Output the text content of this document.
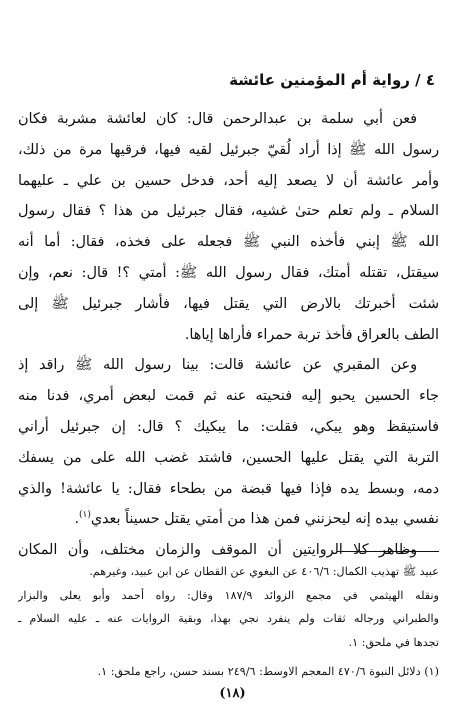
٤ / رواية أم المؤمنين عائشة
فعن أبي سلمة بن عبدالرحمن قال: كان لعائشة مشربة فكان
رسول الله ﷺ إذا أراد لُقيّ جبرئيل لقيه فيها، فرقيها مرة من ذلك،
وأمر عائشة أن لا يصعد إليه أحد، فدخل حسين بن علي ـ عليهما
السلام ـ ولم تعلم حتىٰ غشيه، فقال جبرئيل من هذا ؟ فقال رسول
الله ﷺ إبني فأخذه النبي ﷺ فجعله على فخذه، فقال: أما أنه
سيقتل، تقتله أمتك، فقال رسول الله ﷺ: أمتي ؟! قال: نعم، وإن
شئت أخبرتك بالارض التي يقتل فيها، فأشار جبرئيل ﷺ إلى
الطف بالعراق فأخذ تربة حمراء فأراها إياها.
وعن المقبري عن عائشة قالت: بينا رسول الله ﷺ راقد إذ
جاء الحسين يحبو إليه فنحيته عنه ثم قمت لبعض أمري، فدنا منه
فاستيقظ وهو يبكي، فقلت: ما يبكيك ؟ قال: إن جبرئيل أراني
التربة التي يقتل عليها الحسين، فاشتد غضب الله على من يسفك
دمه، وبسط يده فإذا فيها قبضة من بطحاء فقال: يا عائشة! والذي
نفسي بيده إنه ليحزنني فمن هذا من أمتي يقتل حسيناً بعدي$^{(١)}$.
وظاهر كلا الروايتين أن الموقف والزمان مختلف، وأن المكان
عبيد ﷺ تهذيب الكمال: ٤٠٦/٦ عن البغوي عن القطان عن ابن عبيد، وغيرهم.
ونقله الهيثمي في مجمع الزوائد ١٨٧/٩ وقال: رواه أحمد وأبو يعلى والبزار
والطبراني ورجاله ثقات ولم ينفرد نجي بهذا، وبقية الروايات عنه ـ عليه السلام ـ
تجدها في ملحق: ١.
(١) دلائل النبوة ٤٧٠/٦ المعجم الاوسط: ٢٤٩/٦ بسند حسن، راجع ملحق: ١.
(١٨)
